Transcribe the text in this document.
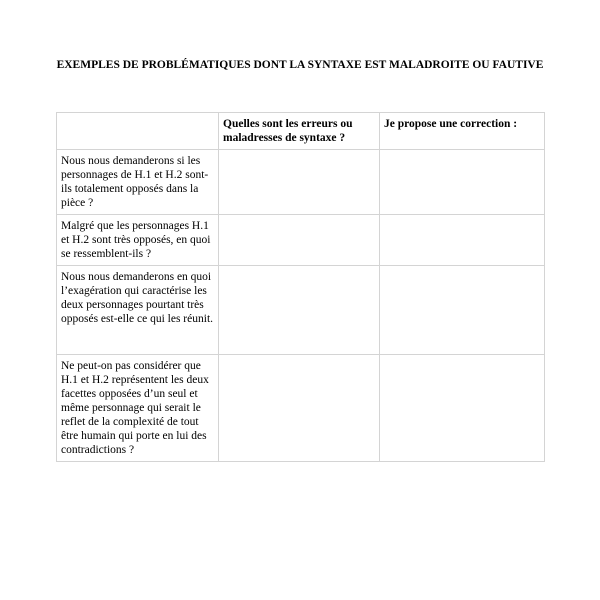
EXEMPLES DE PROBLÉMATIQUES DONT LA SYNTAXE EST MALADROITE OU FAUTIVE
	Quelles sont les erreurs ou maladresses de syntaxe ?	Je propose une correction :
Nous nous demanderons si les personnages de H.1 et H.2 sont-ils totalement opposés dans la pièce ?		
Malgré que les personnages H.1 et H.2 sont très opposés, en quoi se ressemblent-ils ?		
Nous nous demanderons en quoi l’exagération qui caractérise les deux personnages pourtant très opposés est-elle ce qui les réunit.		
Ne peut-on pas considérer que H.1 et H.2 représentent les deux facettes opposées d’un seul et même personnage qui serait le reflet de la complexité de tout être humain qui porte en lui des contradictions ?		
